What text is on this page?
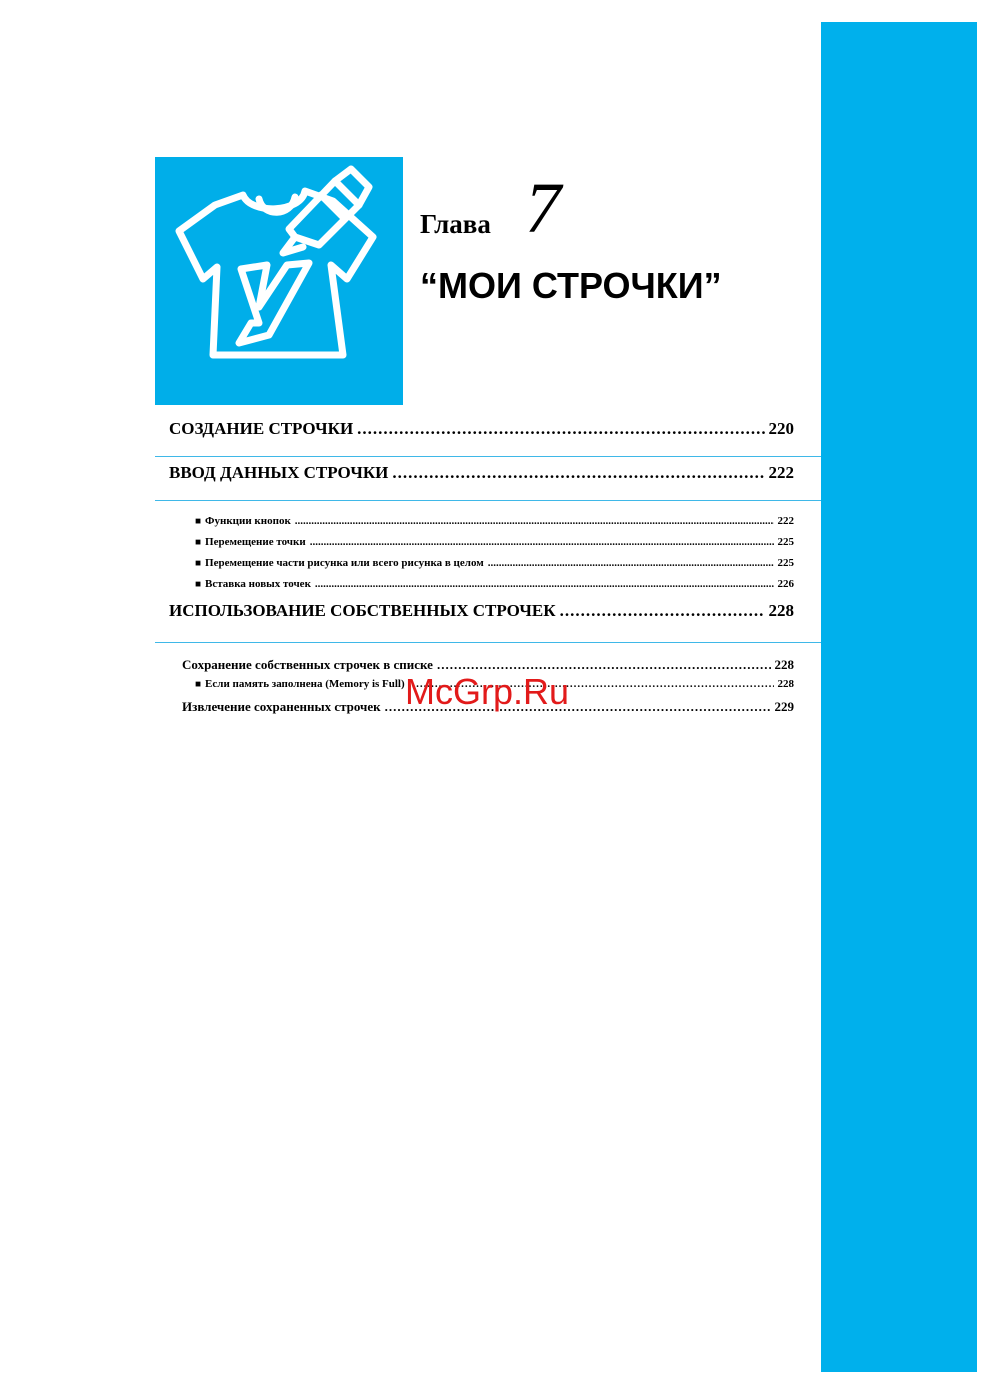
Глава 7
“МОИ СТРОЧКИ”
СОЗДАНИЕ СТРОЧКИ .....	220
ВВОД ДАННЫХ СТРОЧКИ .....	222
■ Функции кнопок .....	222
■ Перемещение точки .....	225
■ Перемещение части рисунка или всего рисунка в целом .....	225
■ Вставка новых точек .....	226
ИСПОЛЬЗОВАНИЕ СОБСТВЕННЫХ СТРОЧЕК .....	228
Сохранение собственных строчек в списке .....	228
■ Если память заполнена (Memory is Full) .....	228
Извлечение сохраненных строчек .....	229
McGrp.Ru
